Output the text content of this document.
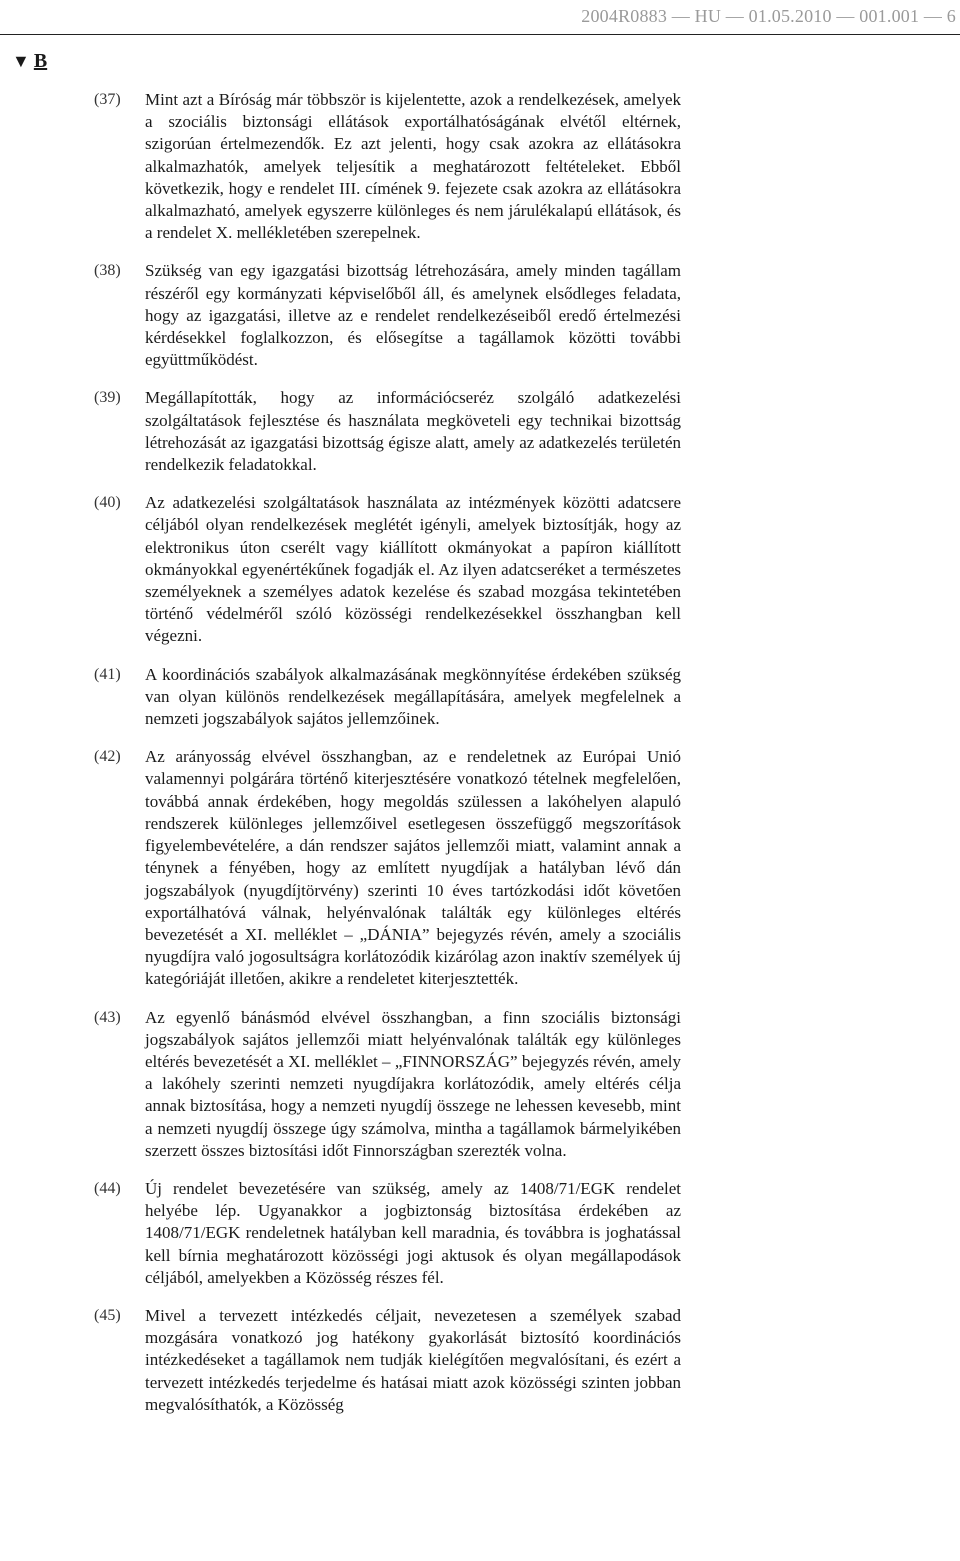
2004R0883 — HU — 01.05.2010 — 001.001 — 6
▼ B
(37) Mint azt a Bíróság már többször is kijelentette, azok a rendelkezések, amelyek a szociális biztonsági ellátások exportálhatóságának elvétől eltérnek, szigorúan értelmezendők. Ez azt jelenti, hogy csak azokra az ellátásokra alkalmazhatók, amelyek teljesítik a meghatározott feltételeket. Ebből következik, hogy e rendelet III. címének 9. fejezete csak azokra az ellátásokra alkalmazható, amelyek egyszerre különleges és nem járulékalapú ellátások, és a rendelet X. mellékletében szerepelnek.
(38) Szükség van egy igazgatási bizottság létrehozására, amely minden tagállam részéről egy kormányzati képviselőből áll, és amelynek elsődleges feladata, hogy az igazgatási, illetve az e rendelet rendelkezéseiből eredő értelmezési kérdésekkel foglalkozzon, és elősegítse a tagállamok közötti további együttműködést.
(39) Megállapították, hogy az információcseréz szolgáló adatkezelési szolgáltatások fejlesztése és használata megköveteli egy technikai bizottság létrehozását az igazgatási bizottság égisze alatt, amely az adatkezelés területén rendelkezik feladatokkal.
(40) Az adatkezelési szolgáltatások használata az intézmények közötti adatcsere céljából olyan rendelkezések meglétét igényli, amelyek biztosítják, hogy az elektronikus úton cserélt vagy kiállított okmányokat a papíron kiállított okmányokkal egyenértékűnek fogadják el. Az ilyen adatcseréket a természetes személyeknek a személyes adatok kezelése és szabad mozgása tekintetében történő védelméről szóló közösségi rendelkezésekkel összhangban kell végezni.
(41) A koordinációs szabályok alkalmazásának megkönnyítése érdekében szükség van olyan különös rendelkezések megállapítására, amelyek megfelelnek a nemzeti jogszabályok sajátos jellemzőinek.
(42) Az arányosság elvével összhangban, az e rendeletnek az Európai Unió valamennyi polgárára történő kiterjesztésére vonatkozó tételnek megfelelően, továbbá annak érdekében, hogy megoldás szülessen a lakóhelyen alapuló rendszerek különleges jellemzőivel esetlegesen összefüggő megszorítások figyelembevételére, a dán rendszer sajátos jellemzői miatt, valamint annak a ténynek a fényében, hogy az említett nyugdíjak a hatályban lévő dán jogszabályok (nyugdíjtörvény) szerinti 10 éves tartózkodási időt követően exportálhatóvá válnak, helyénvalónak találták egy különleges eltérés bevezetését a XI. melléklet – „DÁNIA” bejegyzés révén, amely a szociális nyugdíjra való jogosultságra korlátozódik kizárólag azon inaktív személyek új kategóriáját illetően, akikre a rendeletet kiterjesztették.
(43) Az egyenlő bánásmód elvével összhangban, a finn szociális biztonsági jogszabályok sajátos jellemzői miatt helyénvalónak találták egy különleges eltérés bevezetését a XI. melléklet – „FINNORSZÁG” bejegyzés révén, amely a lakóhely szerinti nemzeti nyugdíjakra korlátozódik, amely eltérés célja annak biztosítása, hogy a nemzeti nyugdíj összege ne lehessen kevesebb, mint a nemzeti nyugdíj összege úgy számolva, mintha a tagállamok bármelyikében szerzett összes biztosítási időt Finnországban szerezték volna.
(44) Új rendelet bevezetésére van szükség, amely az 1408/71/EGK rendelet helyébe lép. Ugyanakkor a jogbiztonság biztosítása érdekében az 1408/71/EGK rendeletnek hatályban kell maradnia, és továbbra is joghatással kell bírnia meghatározott közösségi jogi aktusok és olyan megállapodások céljából, amelyekben a Közösség részes fél.
(45) Mivel a tervezett intézkedés céljait, nevezetesen a személyek szabad mozgására vonatkozó jog hatékony gyakorlását biztosító koordinációs intézkedéseket a tagállamok nem tudják kielégítően megvalósítani, és ezért a tervezett intézkedés terjedelme és hatásai miatt azok közösségi szinten jobban megvalósíthatók, a Közösség
